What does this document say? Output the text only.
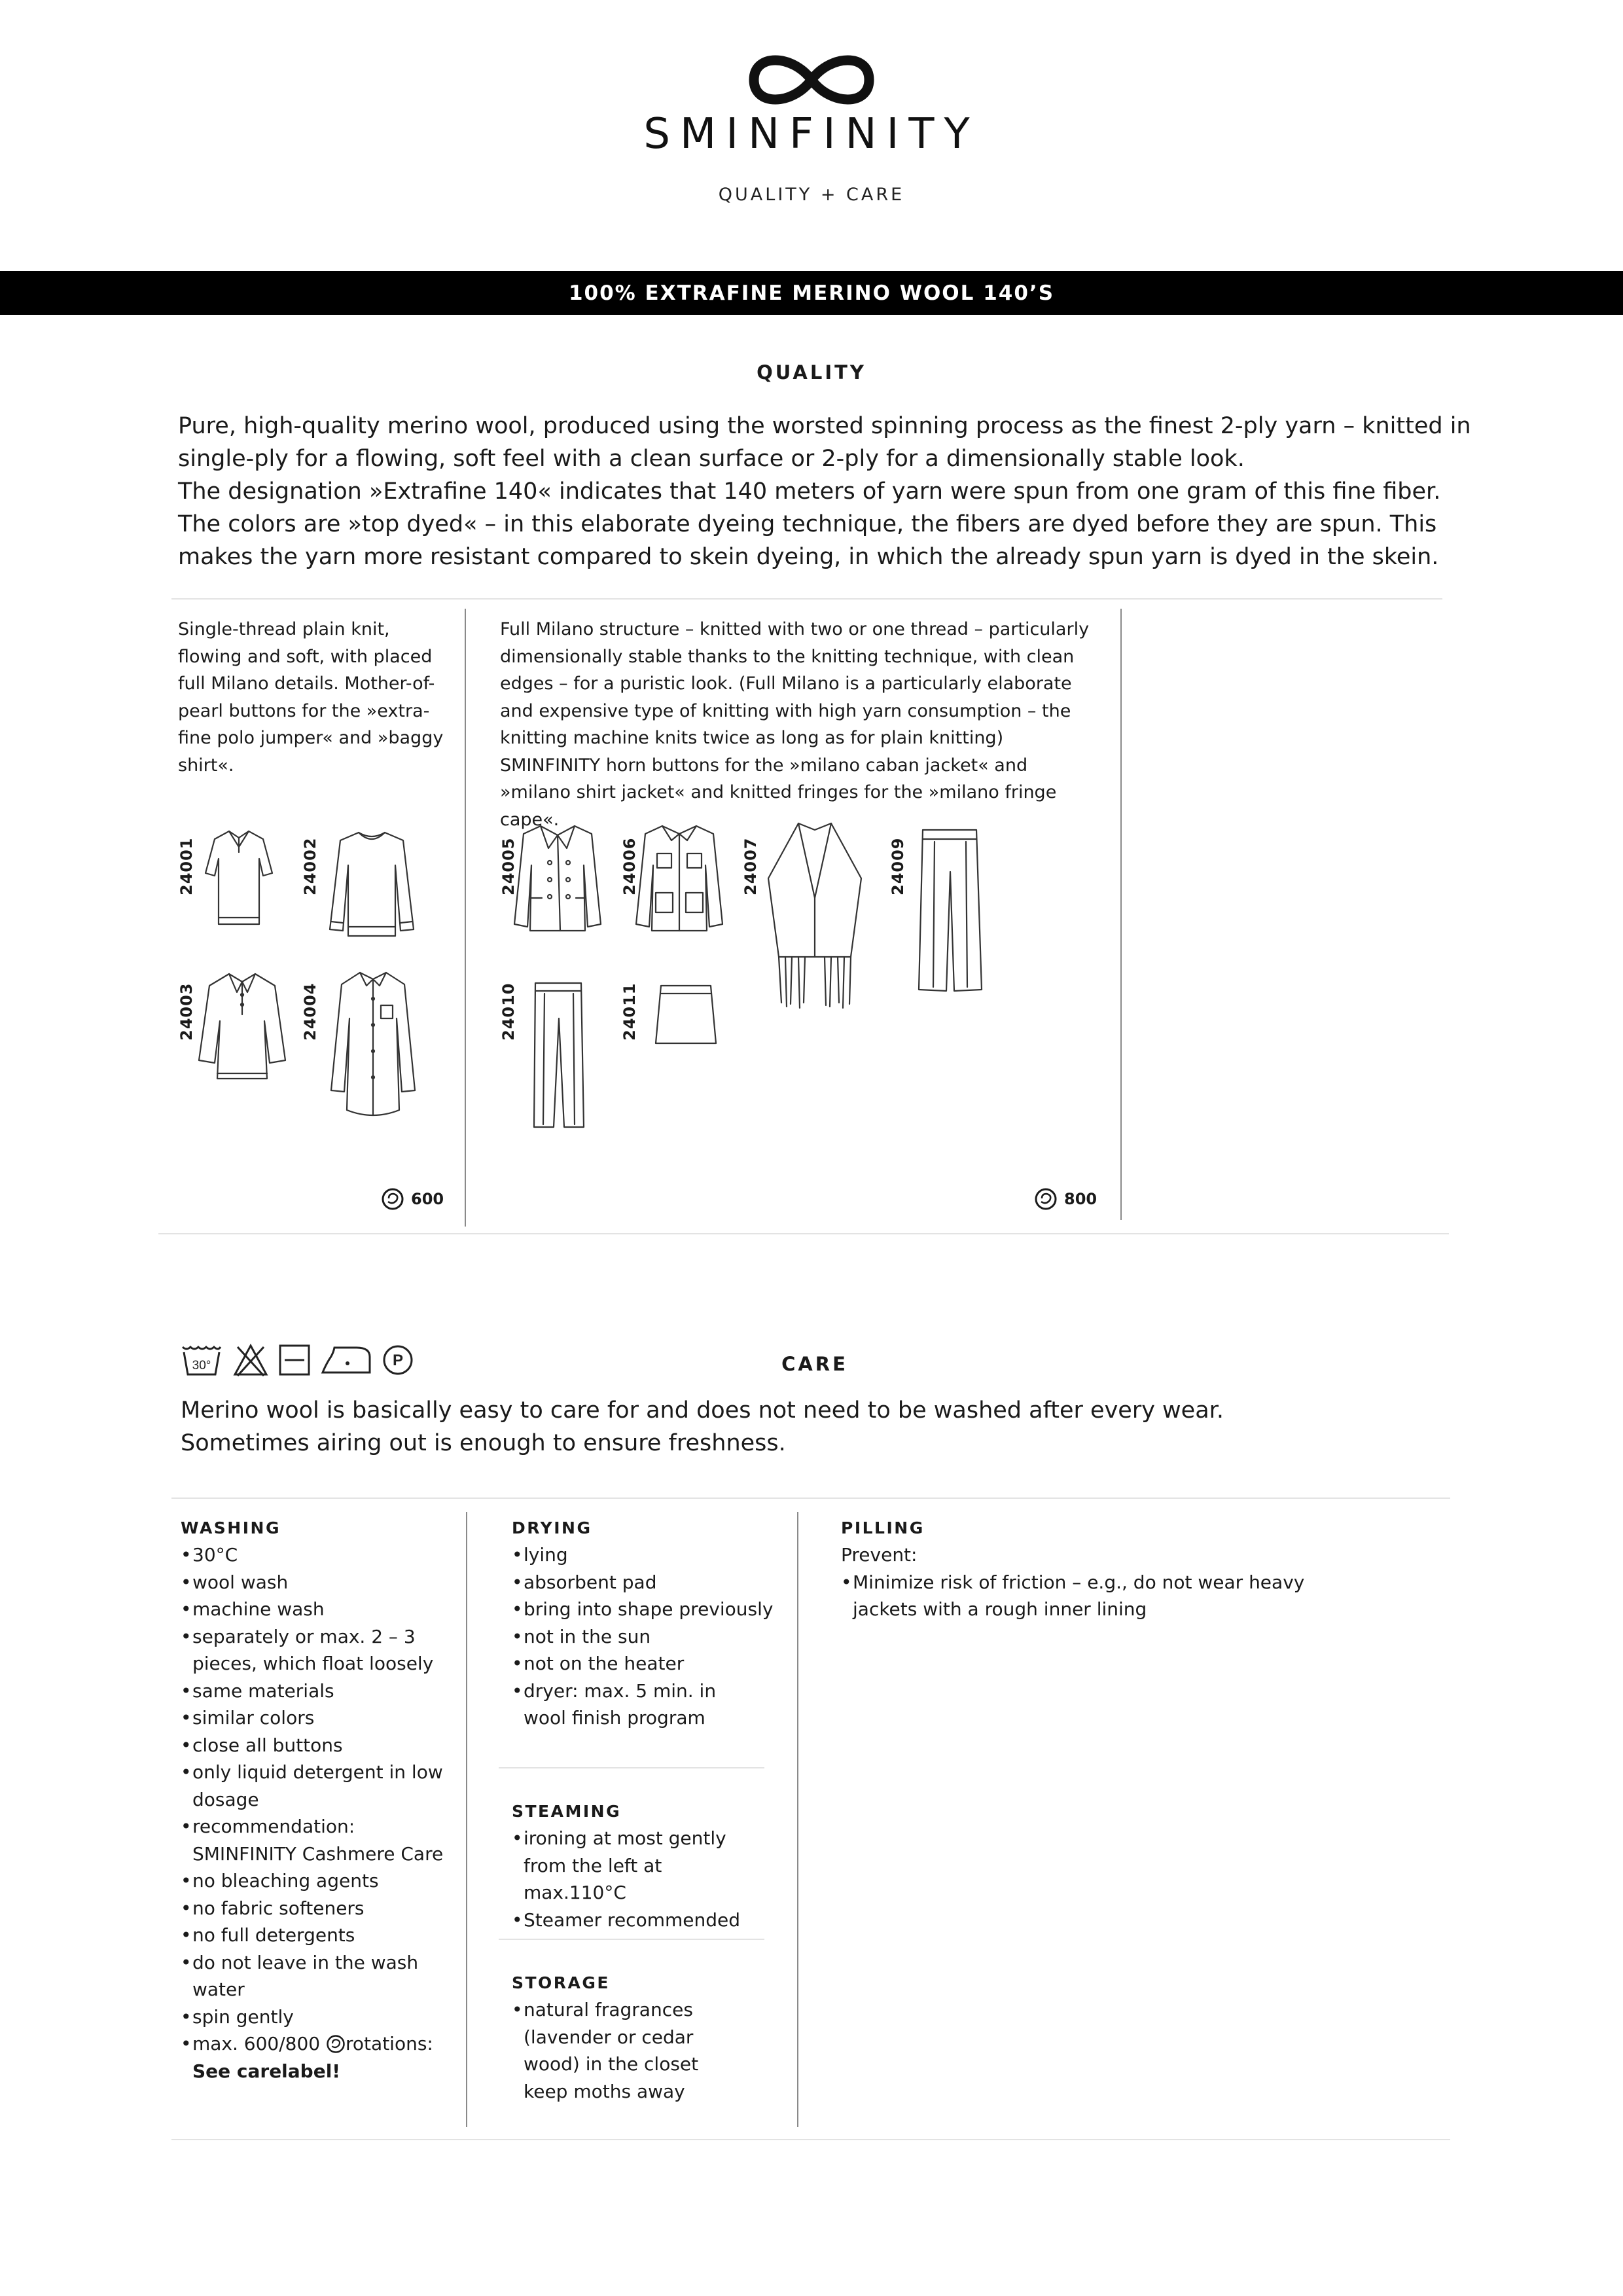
SMINFINITY
QUALITY + CARE
100% EXTRAFINE MERINO WOOL 140’S
QUALITY

Pure, high-quality merino wool, produced using the worsted spinning process as the finest 2-ply yarn – knitted in single-ply for a flowing, soft feel with a clean surface or 2-ply for a dimensionally stable look.

The designation »Extrafine 140« indicates that 140 meters of yarn were spun from one gram of this fine fiber. The colors are »top dyed« – in this elaborate dyeing technique, the fibers are dyed before they are spun. This makes the yarn more resistant compared to skein dyeing, in which the already spun yarn is dyed in the skein.

Single-thread plain knit, flowing and soft, with placed full Milano details. Mother-of-pearl buttons for the »extra-fine polo jumper« and »baggy shirt«.
Full Milano structure – knitted with two or one thread – particularly dimensionally stable thanks to the knitting technique, with clean edges – for a puristic look. (Full Milano is a particularly elaborate and expensive type of knitting with high yarn consumption – the knitting machine knits twice as long as for plain knitting) SMINFINITY horn buttons for the »milano caban jacket« and »milano shirt jacket« and knitted fringes for the »milano fringe cape«.
24001	24002
24003	24004
24005	24006	24007	24009
24010	24011
600	800
30°	P	CARE

Merino wool is basically easy to care for and does not need to be washed after every wear.

Sometimes airing out is enough to ensure freshness.

WASHING
• 30°C
• wool wash
• machine wash
• separately or max. 2 – 3 pieces, which float loosely
• same materials
• similar colors
• close all buttons
• only liquid detergent in low dosage
• recommendation: SMINFINITY Cashmere Care
• no bleaching agents
• no fabric softeners
• no full detergents
• do not leave in the wash water
• spin gently
• max. 600/800 rotations:
See carelabel!
DRYING
• lying
• absorbent pad
• bring into shape previously
• not in the sun
• not on the heater
• dryer: max. 5 min. in wool finish program
STEAMING
• ironing at most gently from the left at max.110°C
• Steamer recommended
STORAGE
• natural fragrances (lavender or cedar wood) in the closet keep moths away
PILLING
Prevent:
• Minimize risk of friction – e.g., do not wear heavy jackets with a rough inner lining
